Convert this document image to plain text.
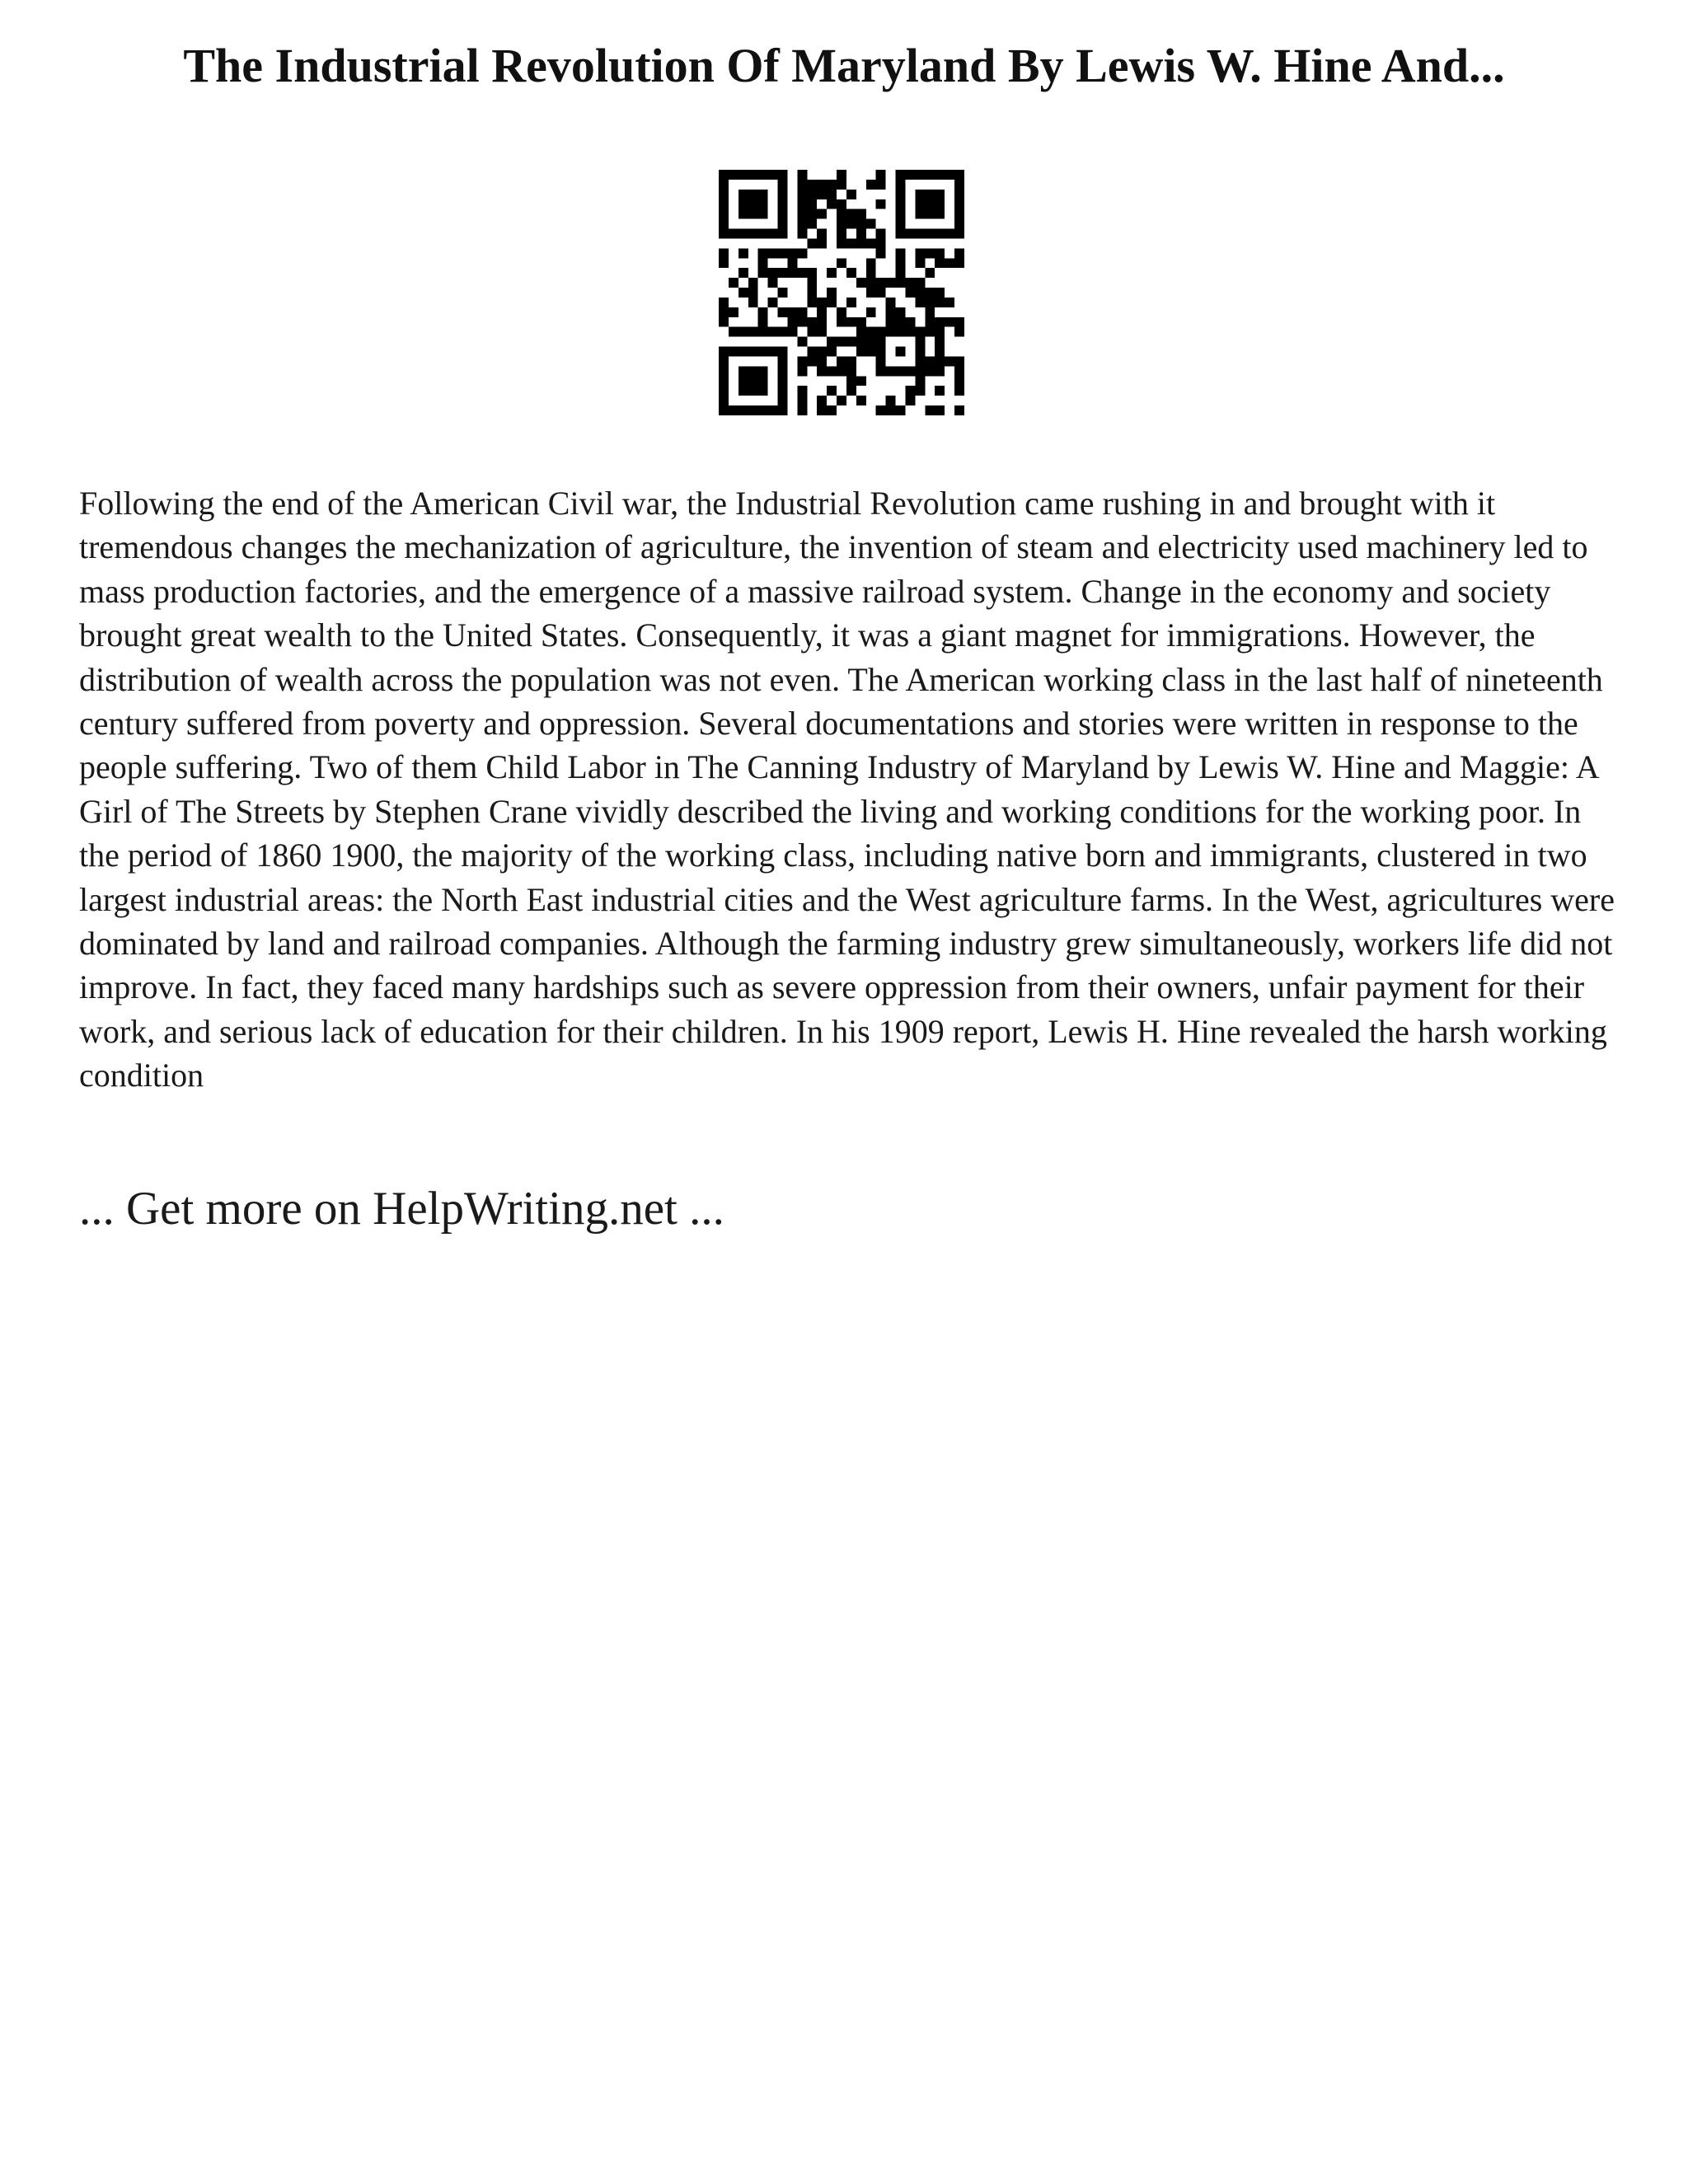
The Industrial Revolution Of Maryland By Lewis W. Hine And...

Following the end of the American Civil war, the Industrial Revolution came rushing in and brought with it tremendous changes the mechanization of agriculture, the invention of steam and electricity used machinery led to mass production factories, and the emergence of a massive railroad system. Change in the economy and society brought great wealth to the United States. Consequently, it was a giant magnet for immigrations. However, the distribution of wealth across the population was not even. The American working class in the last half of nineteenth century suffered from poverty and oppression. Several documentations and stories were written in response to the people suffering. Two of them Child Labor in The Canning Industry of Maryland by Lewis W. Hine and Maggie: A Girl of The Streets by Stephen Crane vividly described the living and working conditions for the working poor. In the period of 1860 1900, the majority of the working class, including native born and immigrants, clustered in two largest industrial areas: the North East industrial cities and the West agriculture farms. In the West, agricultures were dominated by land and railroad companies. Although the farming industry grew simultaneously, workers life did not improve. In fact, they faced many hardships such as severe oppression from their owners, unfair payment for their work, and serious lack of education for their children. In his 1909 report, Lewis H. Hine revealed the harsh working condition

... Get more on HelpWriting.net ...
